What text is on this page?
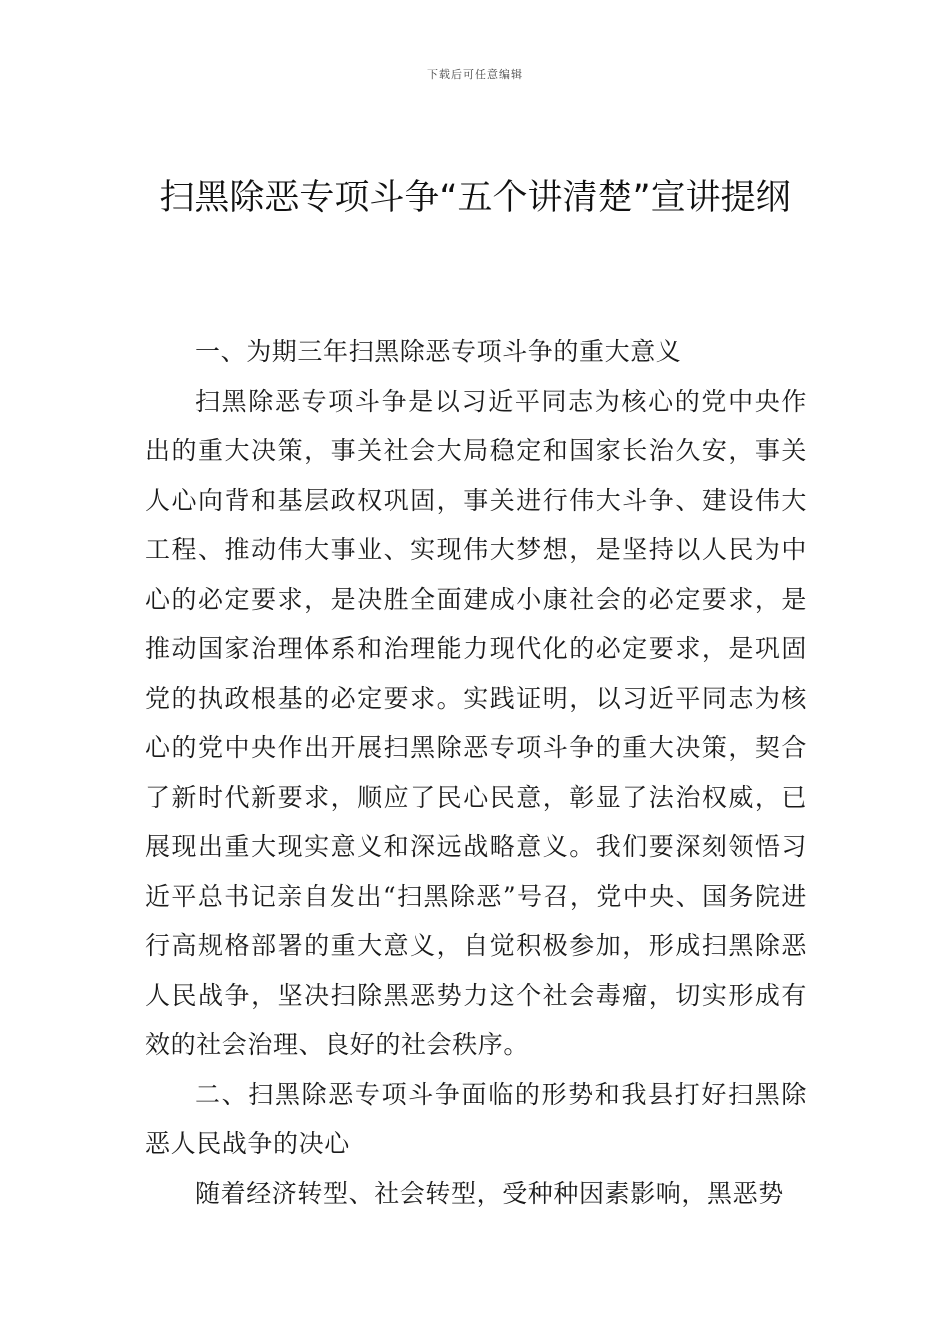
下载后可任意编辑
扫黑除恶专项斗争“五个讲清楚”宣讲提纲

一、为期三年扫黑除恶专项斗争的重大意义

扫黑除恶专项斗争是以习近平同志为核心的党中央作出的重大决策，事关社会大局稳定和国家长治久安，事关人心向背和基层政权巩固，事关进行伟大斗争、建设伟大工程、推动伟大事业、实现伟大梦想，是坚持以人民为中心的必定要求，是决胜全面建成小康社会的必定要求，是推动国家治理体系和治理能力现代化的必定要求，是巩固党的执政根基的必定要求。实践证明，以习近平同志为核心的党中央作出开展扫黑除恶专项斗争的重大决策，契合了新时代新要求，顺应了民心民意，彰显了法治权威，已展现出重大现实意义和深远战略意义。我们要深刻领悟习近平总书记亲自发出“扫黑除恶”号召，党中央、国务院进行高规格部署的重大意义，自觉积极参加，形成扫黑除恶人民战争，坚决扫除黑恶势力这个社会毒瘤，切实形成有效的社会治理、良好的社会秩序。

二、扫黑除恶专项斗争面临的形势和我县打好扫黑除恶人民战争的决心

随着经济转型、社会转型，受种种因素影响，黑恶势
